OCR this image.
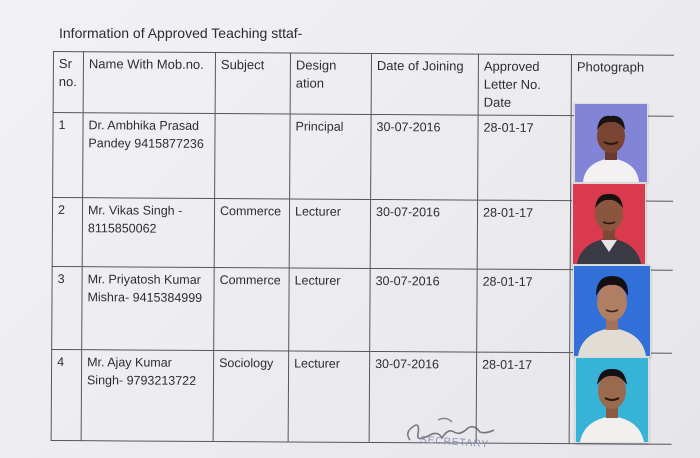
Information of Approved Teaching sttaf-
Sr no.	Name With Mob.no.	Subject	Design ation	Date of Joining	Approved Letter No. Date	Photograph
1	Dr. Ambhika Prasad Pandey 9415877236		Principal	30-07-2016	28-01-17	
2	Mr. Vikas Singh - 8115850062	Commerce	Lecturer	30-07-2016	28-01-17	
3	Mr. Priyatosh Kumar Mishra- 9415384999	Commerce	Lecturer	30-07-2016	28-01-17	
4	Mr. Ajay Kumar Singh- 9793213722	Sociology	Lecturer	30-07-2016	28-01-17	
SECRETARY
